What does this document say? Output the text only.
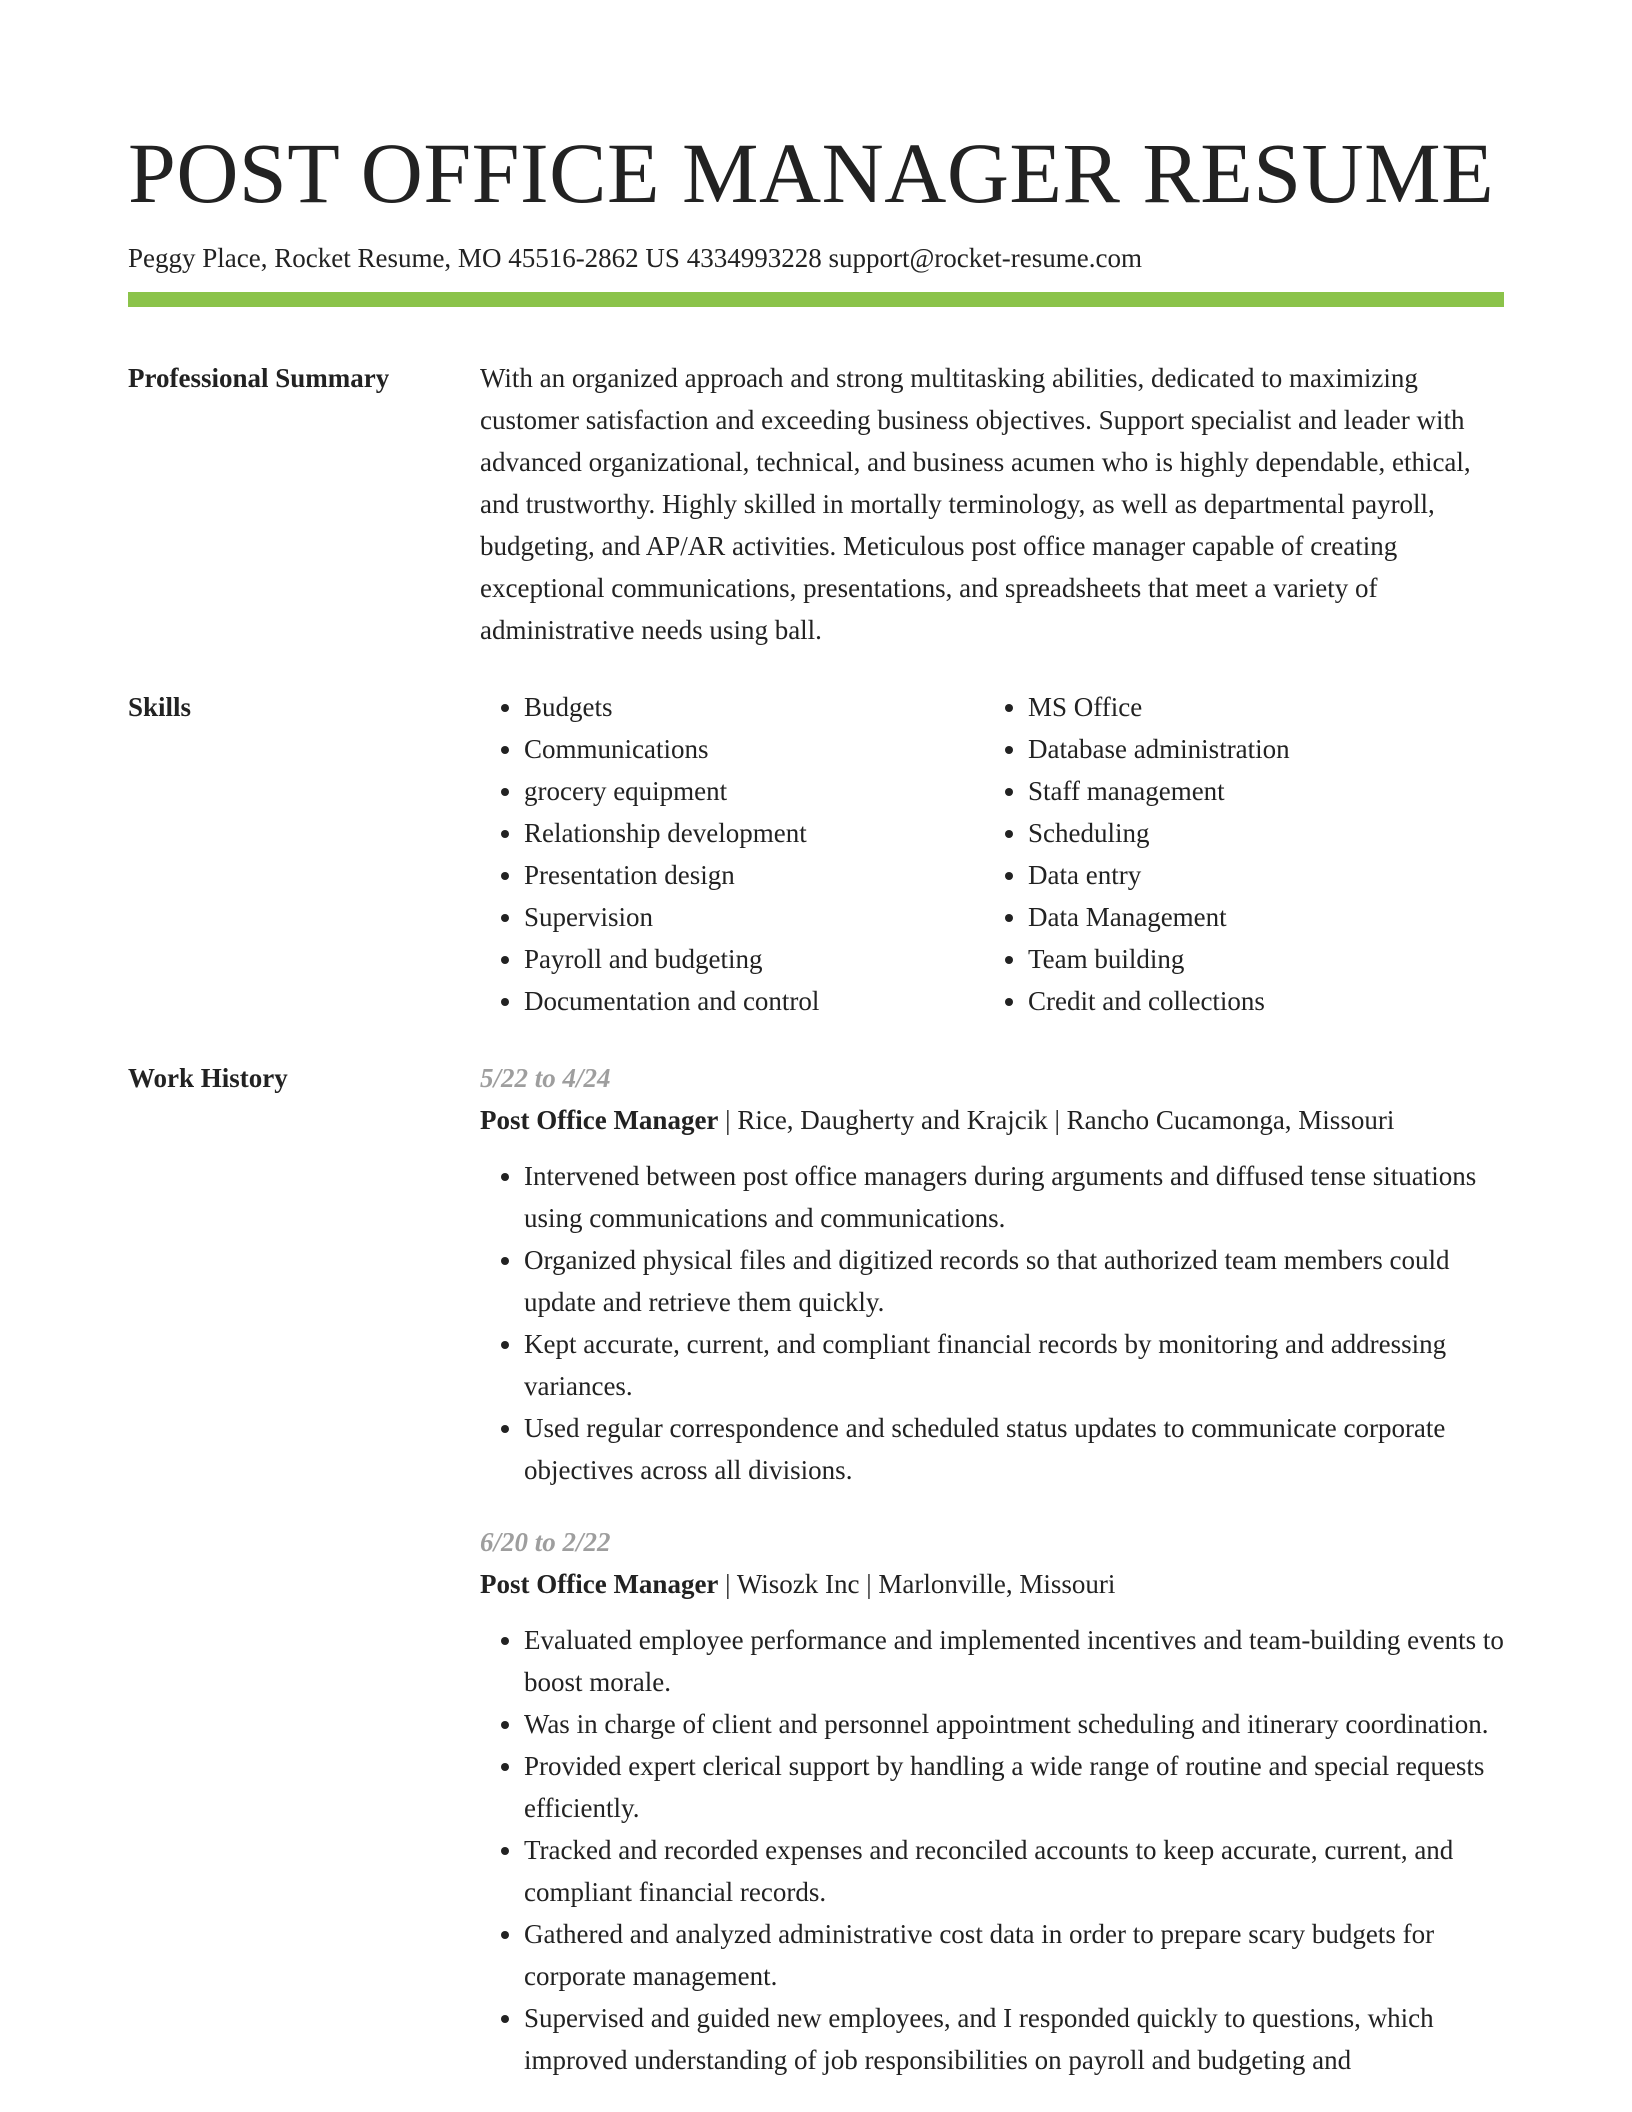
POST OFFICE MANAGER RESUME
Peggy Place, Rocket Resume, MO 45516-2862 US 4334993228 support@rocket-resume.com
Professional Summary	With an organized approach and strong multitasking abilities, dedicated to maximizing customer satisfaction and exceeding business objectives. Support specialist and leader with advanced organizational, technical, and business acumen who is highly dependable, ethical, and trustworthy. Highly skilled in mortally terminology, as well as departmental payroll, budgeting, and AP/AR activities. Meticulous post office manager capable of creating exceptional communications, presentations, and spreadsheets that meet a variety of administrative needs using ball.

Skills
•	Budgets
• Communications
• grocery equipment
• Relationship development
• Presentation design
• Supervision
• Payroll and budgeting
• Documentation and control
• MS Office
• Database administration
• Staff management
• Scheduling
• Data entry
• Data Management
• Team building
• Credit and collections
Work History	5/22 to 4/24
Post Office Manager | Rice, Daugherty and Krajcik | Rancho Cucamonga, Missouri
• Intervened between post office managers during arguments and diffused tense situations using communications and communications.
• Organized physical files and digitized records so that authorized team members could update and retrieve them quickly.
• Kept accurate, current, and compliant financial records by monitoring and addressing variances.
• Used regular correspondence and scheduled status updates to communicate corporate objectives across all divisions.
6/20 to 2/22
Post Office Manager | Wisozk Inc | Marlonville, Missouri
• Evaluated employee performance and implemented incentives and team-building events to boost morale.
• Was in charge of client and personnel appointment scheduling and itinerary coordination.
• Provided expert clerical support by handling a wide range of routine and special requests efficiently.
• Tracked and recorded expenses and reconciled accounts to keep accurate, current, and compliant financial records.
• Gathered and analyzed administrative cost data in order to prepare scary budgets for corporate management.
• Supervised and guided new employees, and I responded quickly to questions, which improved understanding of job responsibilities on payroll and budgeting and
